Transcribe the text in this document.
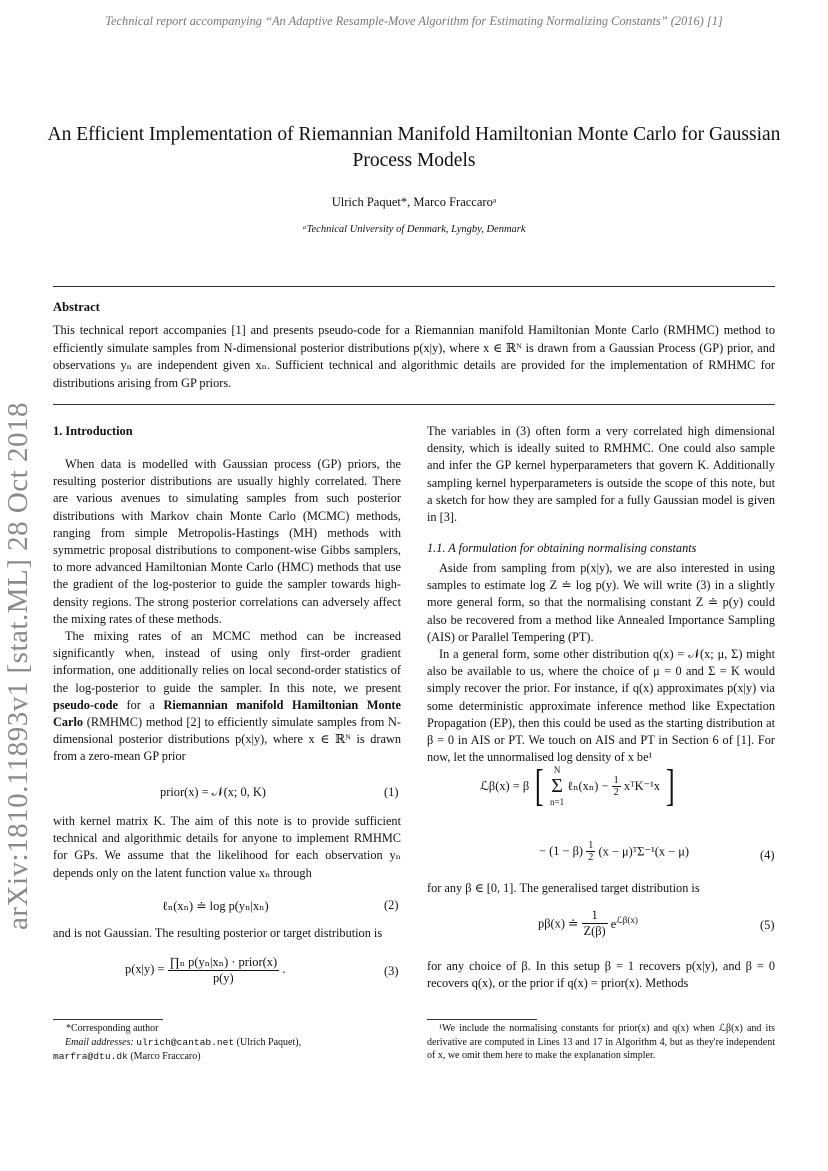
Technical report accompanying “An Adaptive Resample-Move Algorithm for Estimating Normalizing Constants” (2016) [1]
arXiv:1810.11893v1 [stat.ML] 28 Oct 2018
An Efficient Implementation of Riemannian Manifold Hamiltonian Monte Carlo for Gaussian Process Models
Ulrich Paquet*, Marco Fraccaroᵃ
ᵃTechnical University of Denmark, Lyngby, Denmark
Abstract
This technical report accompanies [1] and presents pseudo-code for a Riemannian manifold Hamiltonian Monte Carlo (RMHMC) method to efficiently simulate samples from N-dimensional posterior distributions p(x|y), where x ∈ ℝᴺ is drawn from a Gaussian Process (GP) prior, and observations yₙ are independent given xₙ. Sufficient technical and algorithmic details are provided for the implementation of RMHMC for distributions arising from GP priors.
1. Introduction

When data is modelled with Gaussian process (GP) priors, the resulting posterior distributions are usually highly correlated. There are various avenues to simulating samples from such posterior distributions with Markov chain Monte Carlo (MCMC) methods, ranging from simple Metropolis-Hastings (MH) methods with symmetric proposal distributions to component-wise Gibbs samplers, to more advanced Hamiltonian Monte Carlo (HMC) methods that use the gradient of the log-posterior to guide the sampler towards high-density regions. The strong posterior correlations can adversely affect the mixing rates of these methods.

The mixing rates of an MCMC method can be increased significantly when, instead of using only first-order gradient information, one additionally relies on local second-order statistics of the log-posterior to guide the sampler. In this note, we present pseudo-code for a Riemannian manifold Hamiltonian Monte Carlo (RMHMC) method [2] to efficiently simulate samples from N-dimensional posterior distributions p(x|y), where x ∈ ℝᴺ is drawn from a zero-mean GP prior

prior(x) = 𝒩(x; 0, K)	(1)

with kernel matrix K. The aim of this note is to provide sufficient technical and algorithmic details for anyone to implement RMHMC for GPs. We assume that the likelihood for each observation yₙ depends only on the latent function value xₙ through

ℓₙ(xₙ) ≐ log p(yₙ|xₙ)	(2)

and is not Gaussian. The resulting posterior or target distribution is

$p(x|y) = \frac{\text{∏ₙ p(yₙ|xₙ) · prior(x)}}{p(y)}$ .	(3)
*Corresponding author
Email addresses: ulrich@cantab.net (Ulrich Paquet),
marfra@dtu.dk (Marco Fraccaro)

The variables in (3) often form a very correlated high dimensional density, which is ideally suited to RMHMC. One could also sample and infer the GP kernel hyperparameters that govern K. Additionally sampling kernel hyperparameters is outside the scope of this note, but a sketch for how they are sampled for a fully Gaussian model is given in [3].

1.1. A formulation for obtaining normalising constants

Aside from sampling from p(x|y), we are also interested in using samples to estimate log Z ≐ log p(y). We will write (3) in a slightly more general form, so that the normalising constant Z ≐ p(y) could also be recovered from a method like Annealed Importance Sampling (AIS) or Parallel Tempering (PT).

In a general form, some other distribution q(x) = 𝒩(x; μ, Σ) might also be available to us, where the choice of μ = 0 and Σ = K would simply recover the prior. For instance, if q(x) approximates p(x|y) via some deterministic approximate inference method like Expectation Propagation (EP), then this could be used as the starting distribution at β = 0 in AIS or PT. We touch on AIS and PT in Section 6 of [1]. For now, let the unnormalised log density of x be¹

ℒβ(x) = β [	N
Σ
n=1
ℓₙ(xₙ) − $\frac{1}{2}$ xᵀK⁻¹x ]
− $(1 - \beta) \frac{1}{2} (x$ − μ)ᵀΣ⁻¹(x − μ)	(4)

for any β ∈ [0, 1]. The generalised target distribution is

pβ(x) ≐ $\frac{1}{Z(\beta)} e^{ℒ\beta(x)}$	(5)

for any choice of β. In this setup β = 1 recovers p(x|y), and β = 0 recovers q(x), or the prior if q(x) = prior(x). Methods

¹We include the normalising constants for prior(x) and q(x) when ℒβ(x) and its derivative are computed in Lines 13 and 17 in Algorithm 4, but as they're independent of x, we omit them here to make the explanation simpler.
